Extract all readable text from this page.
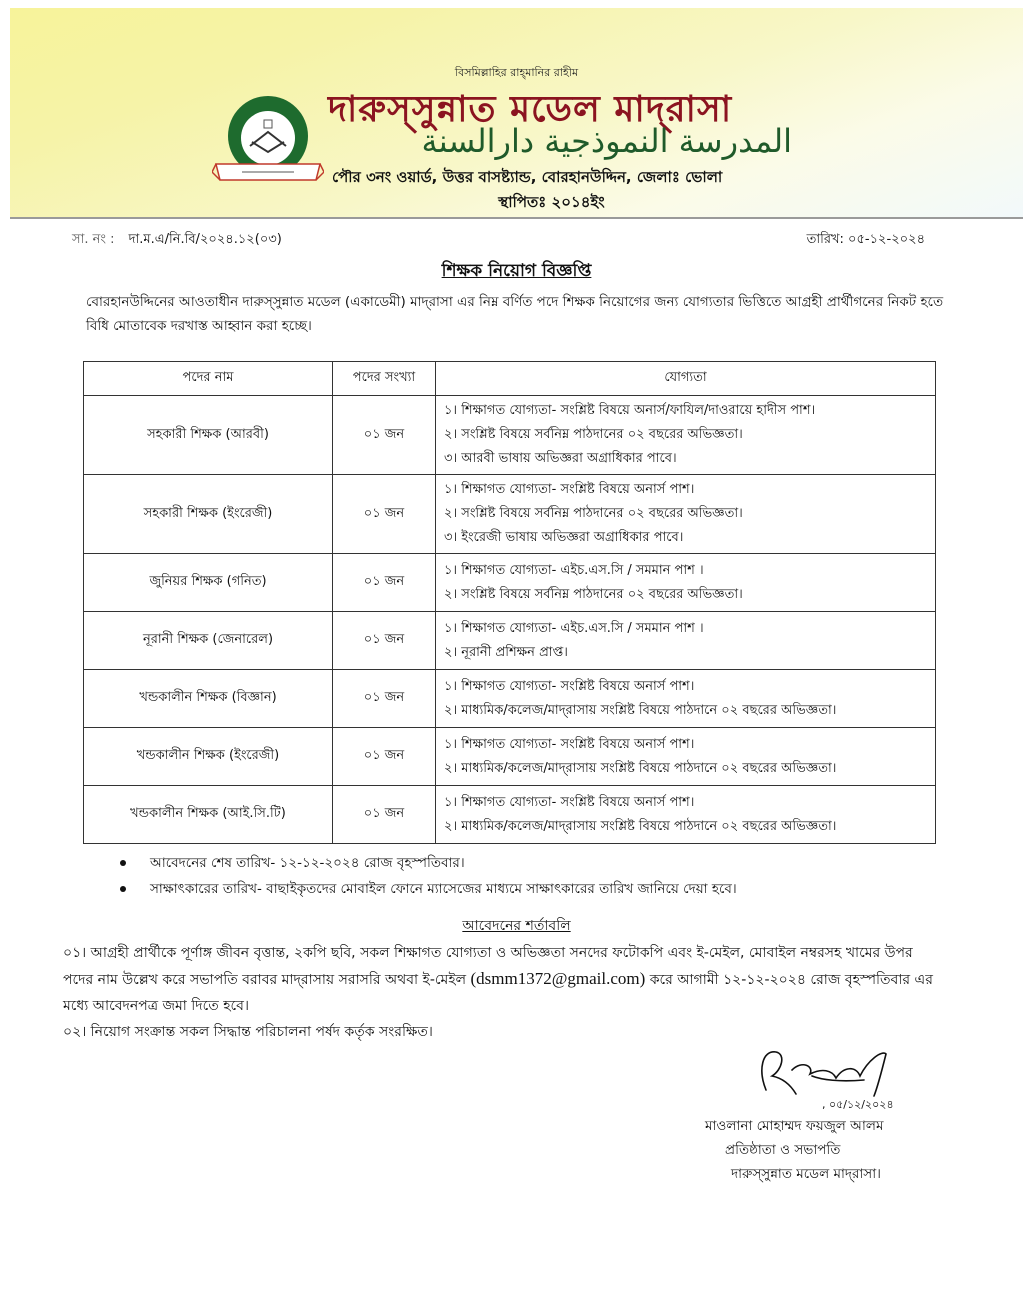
বিসমিল্লাহির রাহ্‌মানির রাহীম
দারুস্‌সুন্নাত মডেল মাদ্‌রাসা
المدرسة النموذجية دارالسنة
পৌর ৩নং ওয়ার্ড, উত্তর বাসষ্ট্যান্ড, বোরহানউদ্দিন, জেলাঃ ভোলা
স্থাপিতঃ ২০১৪ইং
সা. নং : দা.ম.এ/নি.বি/২০২৪.১২(০৩)	তারিখ: ০৫-১২-২০২৪
শিক্ষক নিয়োগ বিজ্ঞপ্তি
বোরহানউদ্দিনের আওতাধীন দারুস্‌সুন্নাত মডেল (একাডেমী) মাদ্‌রাসা এর নিম্ন বর্ণিত পদে শিক্ষক নিয়োগের জন্য যোগ্যতার ভিত্তিতে আগ্রহী প্রার্থীগনের নিকট হতে বিধি মোতাবেক দরখাস্ত আহ্বান করা হচ্ছে।
পদের নাম	পদের সংখ্যা	যোগ্যতা
সহকারী শিক্ষক (আরবী)	০১ জন	১। শিক্ষাগত যোগ্যতা- সংশ্লিষ্ট বিষয়ে অনার্স/ফাযিল/দাওরায়ে হাদীস পাশ।
২। সংশ্লিষ্ট বিষয়ে সর্বনিম্ন পাঠদানের ০২ বছরের অভিজ্ঞতা।
৩। আরবী ভাষায় অভিজ্ঞরা অগ্রাধিকার পাবে।

সহকারী শিক্ষক (ইংরেজী)	০১ জন	১। শিক্ষাগত যোগ্যতা- সংশ্লিষ্ট বিষয়ে অনার্স পাশ।
২। সংশ্লিষ্ট বিষয়ে সর্বনিম্ন পাঠদানের ০২ বছরের অভিজ্ঞতা।
৩। ইংরেজী ভাষায় অভিজ্ঞরা অগ্রাধিকার পাবে।

জুনিয়র শিক্ষক (গনিত)	০১ জন	১। শিক্ষাগত যোগ্যতা- এইচ.এস.সি / সমমান পাশ ।
২। সংশ্লিষ্ট বিষয়ে সর্বনিম্ন পাঠদানের ০২ বছরের অভিজ্ঞতা।

নূরানী শিক্ষক (জেনারেল)	০১ জন	১। শিক্ষাগত যোগ্যতা- এইচ.এস.সি / সমমান পাশ ।
২। নূরানী প্রশিক্ষন প্রাপ্ত।

খন্ডকালীন শিক্ষক (বিজ্ঞান)	০১ জন	১। শিক্ষাগত যোগ্যতা- সংশ্লিষ্ট বিষয়ে অনার্স পাশ।
২। মাধ্যমিক/কলেজ/মাদ্‌রাসায় সংশ্লিষ্ট বিষয়ে পাঠদানে ০২ বছরের অভিজ্ঞতা।

খন্ডকালীন শিক্ষক (ইংরেজী)	০১ জন	১। শিক্ষাগত যোগ্যতা- সংশ্লিষ্ট বিষয়ে অনার্স পাশ।
২। মাধ্যমিক/কলেজ/মাদ্‌রাসায় সংশ্লিষ্ট বিষয়ে পাঠদানে ০২ বছরের অভিজ্ঞতা।

খন্ডকালীন শিক্ষক (আই.সি.টি)	০১ জন	১। শিক্ষাগত যোগ্যতা- সংশ্লিষ্ট বিষয়ে অনার্স পাশ।
২। মাধ্যমিক/কলেজ/মাদ্‌রাসায় সংশ্লিষ্ট বিষয়ে পাঠদানে ০২ বছরের অভিজ্ঞতা।
আবেদনের শেষ তারিখ- ১২-১২-২০২৪ রোজ বৃহস্পতিবার।
সাক্ষাৎকারের তারিখ- বাছাইকৃতদের মোবাইল ফোনে ম্যাসেজের মাধ্যমে সাক্ষাৎকারের তারিখ জানিয়ে দেয়া হবে।
আবেদনের শর্তাবলি
০১। আগ্রহী প্রার্থীকে পূর্ণাঙ্গ জীবন বৃত্তান্ত, ২কপি ছবি, সকল শিক্ষাগত যোগ্যতা ও অভিজ্ঞতা সনদের ফটোকপি এবং ই-মেইল, মোবাইল নম্বরসহ খামের উপর পদের নাম উল্লেখ করে সভাপতি বরাবর মাদ্‌রাসায় সরাসরি অথবা ই-মেইল (dsmm1372@gmail.com) করে আগামী ১২-১২-২০২৪ রোজ বৃহস্পতিবার এর মধ্যে আবেদনপত্র জমা দিতে হবে।
০২। নিয়োগ সংক্রান্ত সকল সিদ্ধান্ত পরিচালনা পর্ষদ কর্তৃক সংরক্ষিত।
, ০৫/১২/২০২৪
মাওলানা মোহাম্মদ ফয়জুল আলম
প্রতিষ্ঠাতা ও সভাপতি
দারুস্‌সুন্নাত মডেল মাদ্‌রাসা।
